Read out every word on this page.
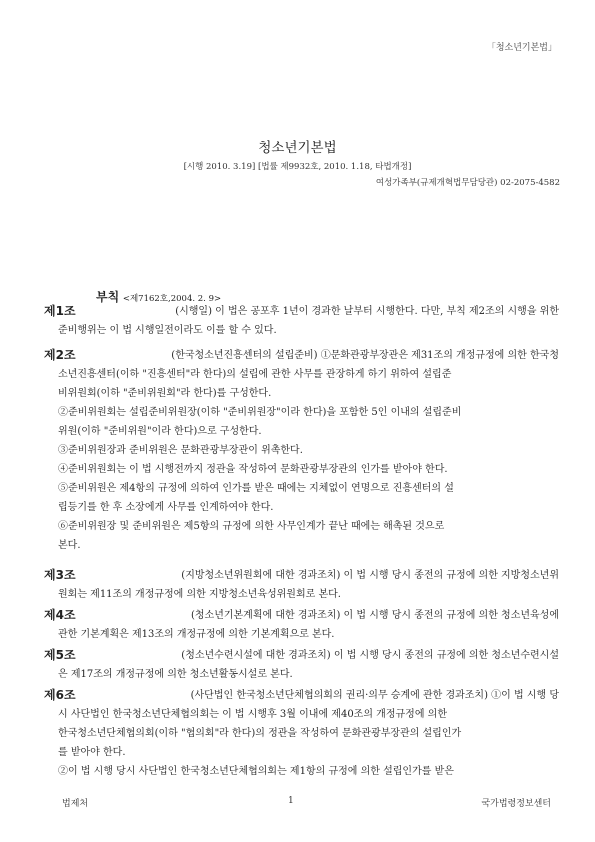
「청소년기본법」
청소년기본법
[시행 2010. 3.19] [법률 제9932호, 2010. 1.18, 타법개정]
여성가족부(규제개혁법무담당관) 02-2075-4582
부칙 <제7162호,2004. 2. 9>
제1조	(시행일) 이 법은 공포후 1년이 경과한 날부터 시행한다. 다만, 부칙 제2조의 시행을 위한
준비행위는 이 법 시행일전이라도 이를 할 수 있다.
제2조	(한국청소년진흥센터의 설립준비) ①문화관광부장관은 제31조의 개정규정에 의한 한국청
소년진흥센터(이하 "진흥센터"라 한다)의 설립에 관한 사무를 관장하게 하기 위하여 설립준
비위원회(이하 "준비위원회"라 한다)를 구성한다.
②준비위원회는 설립준비위원장(이하 "준비위원장"이라 한다)을 포함한 5인 이내의 설립준비
위원(이하 "준비위원"이라 한다)으로 구성한다.
③준비위원장과 준비위원은 문화관광부장관이 위촉한다.
④준비위원회는 이 법 시행전까지 정관을 작성하여 문화관광부장관의 인가를 받아야 한다.
⑤준비위원은 제4항의 규정에 의하여 인가를 받은 때에는 지체없이 연명으로 진흥센터의 설
립등기를 한 후 소장에게 사무를 인계하여야 한다.
⑥준비위원장 및 준비위원은 제5항의 규정에 의한 사무인계가 끝난 때에는 해촉된 것으로
본다.
제3조	(지방청소년위원회에 대한 경과조치) 이 법 시행 당시 종전의 규정에 의한 지방청소년위
원회는 제11조의 개정규정에 의한 지방청소년육성위원회로 본다.
제4조	(청소년기본계획에 대한 경과조치) 이 법 시행 당시 종전의 규정에 의한 청소년육성에
관한 기본계획은 제13조의 개정규정에 의한 기본계획으로 본다.
제5조	(청소년수련시설에 대한 경과조치) 이 법 시행 당시 종전의 규정에 의한 청소년수련시설
은 제17조의 개정규정에 의한 청소년활동시설로 본다.
제6조	(사단법인 한국청소년단체협의회의 권리·의무 승계에 관한 경과조치) ①이 법 시행 당
시 사단법인 한국청소년단체협의회는 이 법 시행후 3월 이내에 제40조의 개정규정에 의한
한국청소년단체협의회(이하 "협의회"라 한다)의 정관을 작성하여 문화관광부장관의 설립인가
를 받아야 한다.
②이 법 시행 당시 사단법인 한국청소년단체협의회는 제1항의 규정에 의한 설립인가를 받은
법제처	1	국가법령정보센터
